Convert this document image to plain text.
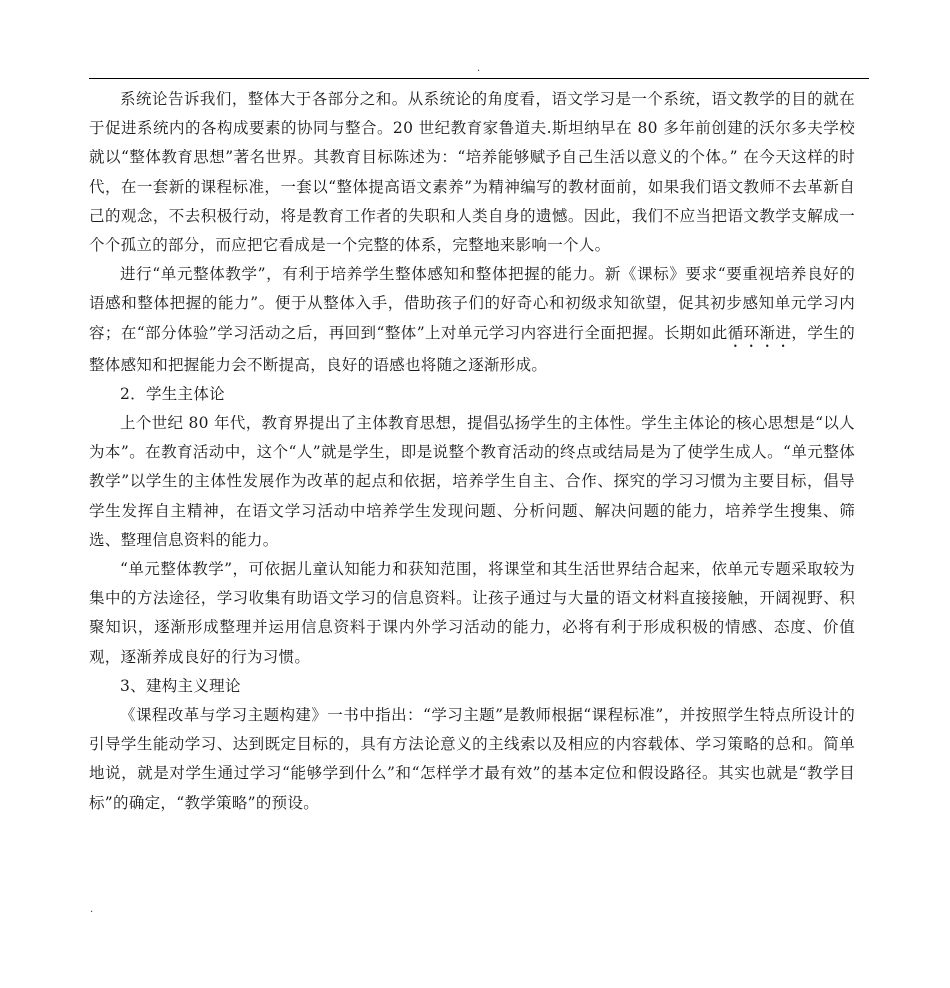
.

系统论告诉我们，整体大于各部分之和。从系统论的角度看，语文学习是一个系统，语文教学的目的就在于促进系统内的各构成要素的协同与整合。20 世纪教育家鲁道夫.斯坦纳早在 80 多年前创建的沃尔多夫学校就以“整体教育思想”著名世界。其教育目标陈述为：“培养能够赋予自己生活以意义的个体。” 在今天这样的时代，在一套新的课程标准，一套以“整体提高语文素养”为精神编写的教材面前，如果我们语文教师不去革新自己的观念，不去积极行动，将是教育工作者的失职和人类自身的遗憾。因此，我们不应当把语文教学支解成一个个孤立的部分，而应把它看成是一个完整的体系，完整地来影响一个人。

进行“单元整体教学”，有利于培养学生整体感知和整体把握的能力。新《课标》要求“要重视培养良好的语感和整体把握的能力”。便于从整体入手，借助孩子们的好奇心和初级求知欲望，促其初步感知单元学习内容；在“部分体验”学习活动之后，再回到“整体”上对单元学习内容进行全面把握。长期如此循环渐进，学生的整体感知和把握能力会不断提高，良好的语感也将随之逐渐形成。

2．学生主体论

上个世纪 80 年代，教育界提出了主体教育思想，提倡弘扬学生的主体性。学生主体论的核心思想是“以人为本”。在教育活动中，这个“人”就是学生，即是说整个教育活动的终点或结局是为了使学生成人。“单元整体教学”以学生的主体性发展作为改革的起点和依据，培养学生自主、合作、探究的学习习惯为主要目标，倡导学生发挥自主精神，在语文学习活动中培养学生发现问题、分析问题、解决问题的能力，培养学生搜集、筛选、整理信息资料的能力。

“单元整体教学”，可依据儿童认知能力和获知范围，将课堂和其生活世界结合起来，依单元专题采取较为集中的方法途径，学习收集有助语文学习的信息资料。让孩子通过与大量的语文材料直接接触，开阔视野、积聚知识，逐渐形成整理并运用信息资料于课内外学习活动的能力，必将有利于形成积极的情感、态度、价值观，逐渐养成良好的行为习惯。

3、建构主义理论

《课程改革与学习主题构建》一书中指出：“学习主题”是教师根据“课程标准”，并按照学生特点所设计的引导学生能动学习、达到既定目标的，具有方法论意义的主线索以及相应的内容载体、学习策略的总和。简单地说，就是对学生通过学习“能够学到什么”和“怎样学才最有效”的基本定位和假设路径。其实也就是“教学目标”的确定，“教学策略”的预设。

.
